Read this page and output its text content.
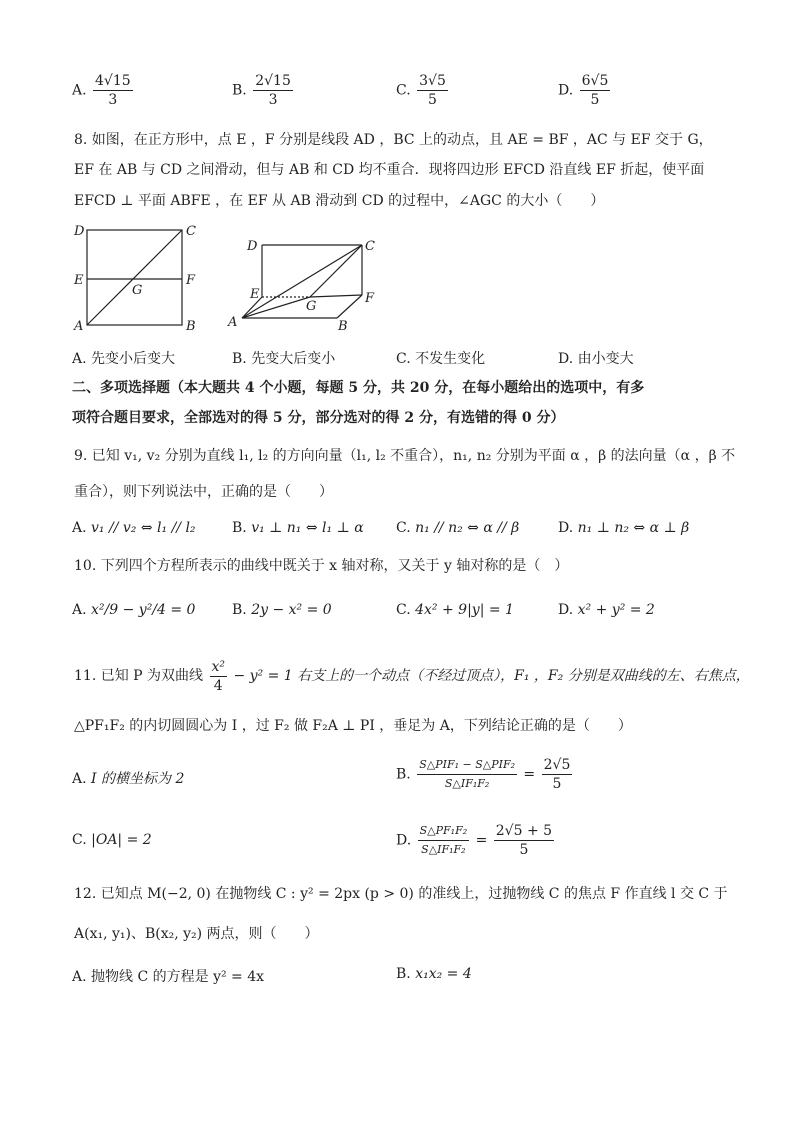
A. $\frac{4√15}{3}$	B. $\frac{2√15}{3}$	C. $\frac{3√5}{5}$	D. $\frac{6√5}{5}$
8. 如图，在正方形中，点 E ，F 分别是线段 AD ，BC 上的动点，且 AE = BF ，AC 与 EF 交于 G，
EF 在 AB 与 CD 之间滑动，但与 AB 和 CD 均不重合．现将四边形 EFCD 沿直线 EF 折起，使平面
EFCD ⊥ 平面 ABFE ，在 EF 从 AB 滑动到 CD 的过程中，∠AGC 的大小（　　）
D	C
E	F
G
A	B
D	C
E	F
G
A	B
A. 先变小后变大	B. 先变大后变小	C. 不发生变化	D. 由小变大
二、多项选择题（本大题共 4 个小题，每题 5 分，共 20 分，在每小题给出的选项中，有多
项符合题目要求，全部选对的得 5 分，部分选对的得 2 分，有选错的得 0 分）
9. 已知 v₁, v₂ 分别为直线 l₁, l₂ 的方向向量（l₁, l₂ 不重合），n₁, n₂ 分别为平面 α ，β 的法向量（α ，β 不
重合），则下列说法中，正确的是（　　）
A. v₁ // v₂ ⇔ l₁ // l₂	B. v₁ ⊥ n₁ ⇔ l₁ ⊥ α C. n₁ // n₂ ⇔ α // β	D. n₁ ⊥ n₂ ⇔ α ⊥ β
10. 下列四个方程所表示的曲线中既关于 x 轴对称，又关于 y 轴对称的是（　）
A. x²/9 − y²/4 = 0	B. 2y − x² = 0	C. 4x² + 9|y| = 1	D. x² + y² = 2
11. 已知 P 为双曲线 $\frac{\text{x²}}{4} - y^2 = 1$ 右支上的一个动点（不经过顶点），F₁ ，F₂ 分别是双曲线的左、右焦点，
△PF₁F₂ 的内切圆圆心为 I ，过 F₂ 做 F₂A ⊥ PI ，垂足为 A，下列结论正确的是（　　）
A. I 的横坐标为 2	B. $\frac{\text{S△PIF₁ − S△PIF₂}}{\text{S△IF₁F₂}} = \frac{2√5}{5}$
C. |OA| = 2	D. $\frac{\text{S△PF₁F₂}}{\text{S△IF₁F₂}} = \frac{2√5 + 5}{5}$
12. 已知点 M(−2, 0) 在抛物线 C : y² = 2px (p > 0) 的准线上，过抛物线 C 的焦点 F 作直线 l 交 C 于
A(x₁, y₁)、B(x₂, y₂) 两点，则（　　）
A. 抛物线 C 的方程是 y² = 4x	B. x₁x₂ = 4
